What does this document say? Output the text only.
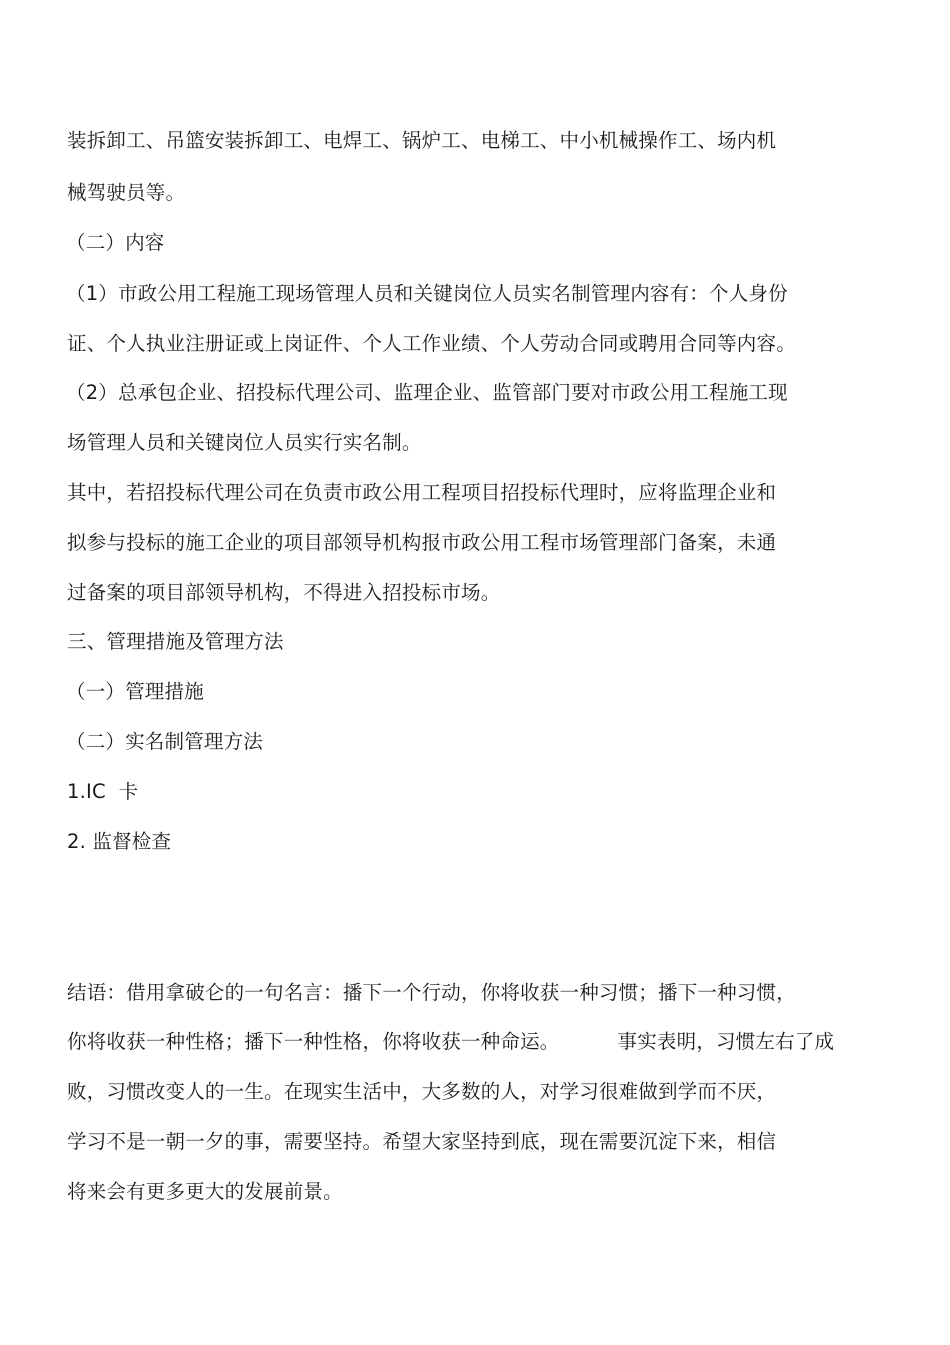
装拆卸工、吊篮安装拆卸工、电焊工、锅炉工、电梯工、中小机械操作工、场内机
械驾驶员等。
（二）内容
（1）市政公用工程施工现场管理人员和关键岗位人员实名制管理内容有：个人身份
证、个人执业注册证或上岗证件、个人工作业绩、个人劳动合同或聘用合同等内容。
（2）总承包企业、招投标代理公司、监理企业、监管部门要对市政公用工程施工现
场管理人员和关键岗位人员实行实名制。
其中，若招投标代理公司在负责市政公用工程项目招投标代理时，应将监理企业和
拟参与投标的施工企业的项目部领导机构报市政公用工程市场管理部门备案，未通
过备案的项目部领导机构，不得进入招投标市场。
三、管理措施及管理方法
（一）管理措施
（二）实名制管理方法
1.IC  卡
2. 监督检查
结语：借用拿破仑的一句名言：播下一个行动，你将收获一种习惯；播下一种习惯，
你将收获一种性格；播下一种性格，你将收获一种命运。	事实表明，习惯左右了成
败，习惯改变人的一生。在现实生活中，大多数的人，对学习很难做到学而不厌，
学习不是一朝一夕的事，需要坚持。希望大家坚持到底，现在需要沉淀下来，相信
将来会有更多更大的发展前景。
